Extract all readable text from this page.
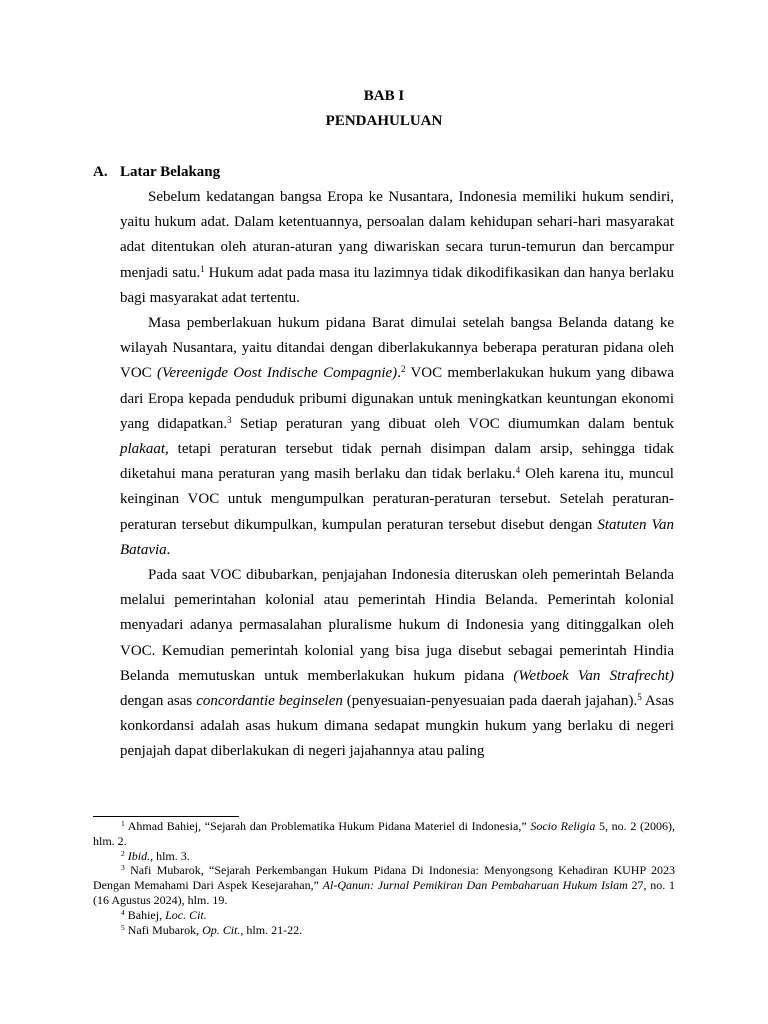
BAB I
PENDAHULUAN
A. Latar Belakang

Sebelum kedatangan bangsa Eropa ke Nusantara, Indonesia memiliki hukum sendiri, yaitu hukum adat. Dalam ketentuannya, persoalan dalam kehidupan sehari-hari masyarakat adat ditentukan oleh aturan-aturan yang diwariskan secara turun-temurun dan bercampur menjadi satu.$^1$ Hukum adat pada masa itu lazimnya tidak dikodifikasikan dan hanya berlaku bagi masyarakat adat tertentu.

Masa pemberlakuan hukum pidana Barat dimulai setelah bangsa Belanda datang ke wilayah Nusantara, yaitu ditandai dengan diberlakukannya beberapa peraturan pidana oleh VOC (Vereenigde Oost Indische Compagnie).$^2$ VOC memberlakukan hukum yang dibawa dari Eropa kepada penduduk pribumi digunakan untuk meningkatkan keuntungan ekonomi yang didapatkan.$^3$ Setiap peraturan yang dibuat oleh VOC diumumkan dalam bentuk plakaat, tetapi peraturan tersebut tidak pernah disimpan dalam arsip, sehingga tidak diketahui mana peraturan yang masih berlaku dan tidak berlaku.$^4$ Oleh karena itu, muncul keinginan VOC untuk mengumpulkan peraturan-peraturan tersebut. Setelah peraturan-peraturan tersebut dikumpulkan, kumpulan peraturan tersebut disebut dengan Statuten Van Batavia.

Pada saat VOC dibubarkan, penjajahan Indonesia diteruskan oleh pemerintah Belanda melalui pemerintahan kolonial atau pemerintah Hindia Belanda. Pemerintah kolonial menyadari adanya permasalahan pluralisme hukum di Indonesia yang ditinggalkan oleh VOC. Kemudian pemerintah kolonial yang bisa juga disebut sebagai pemerintah Hindia Belanda memutuskan untuk memberlakukan hukum pidana (Wetboek Van Strafrecht) dengan asas concordantie beginselen (penyesuaian-penyesuaian pada daerah jajahan).$^5$ Asas konkordansi adalah asas hukum dimana sedapat mungkin hukum yang berlaku di negeri penjajah dapat diberlakukan di negeri jajahannya atau paling

$^1$ Ahmad Bahiej, “Sejarah dan Problematika Hukum Pidana Materiel di Indonesia,” Socio Religia 5, no. 2 (2006), hlm. 2.

$^2$ Ibid., hlm. 3.

$^3$ Nafi Mubarok, “Sejarah Perkembangan Hukum Pidana Di Indonesia: Menyongsong Kehadiran KUHP 2023 Dengan Memahami Dari Aspek Kesejarahan,” Al-Qanun: Jurnal Pemikiran Dan Pembaharuan Hukum Islam 27, no. 1 (16 Agustus 2024), hlm. 19.

$^4$ Bahiej, Loc. Cit.

$^5$ Nafi Mubarok, Op. Cit., hlm. 21-22.
